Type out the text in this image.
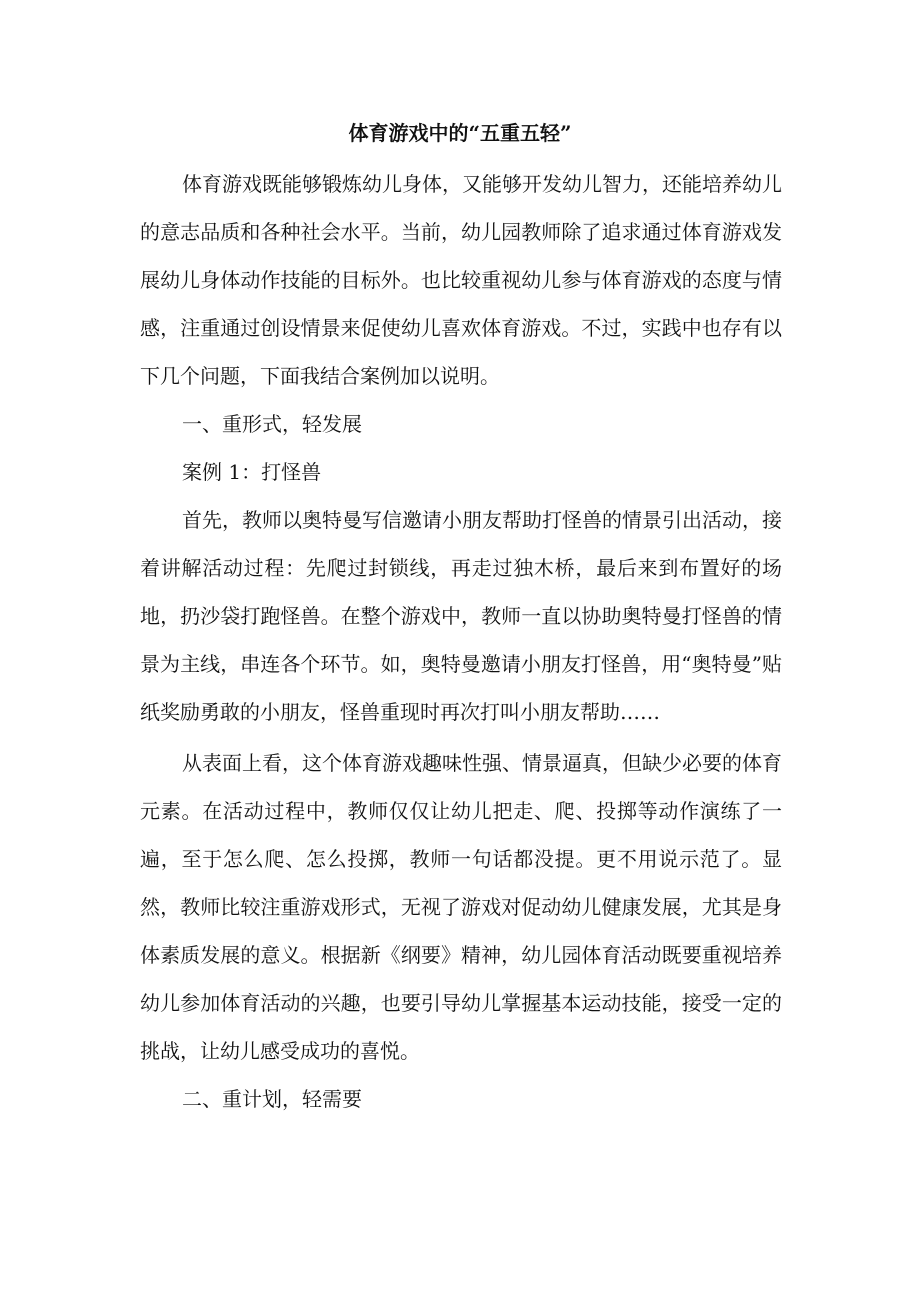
体育游戏中的“五重五轻”

体育游戏既能够锻炼幼儿身体，又能够开发幼儿智力，还能培养幼儿的意志品质和各种社会水平。当前，幼儿园教师除了追求通过体育游戏发展幼儿身体动作技能的目标外。也比较重视幼儿参与体育游戏的态度与情感，注重通过创设情景来促使幼儿喜欢体育游戏。不过，实践中也存有以下几个问题，下面我结合案例加以说明。

一、重形式，轻发展

案例 1：打怪兽

首先，教师以奥特曼写信邀请小朋友帮助打怪兽的情景引出活动，接着讲解活动过程：先爬过封锁线，再走过独木桥，最后来到布置好的场地，扔沙袋打跑怪兽。在整个游戏中，教师一直以协助奥特曼打怪兽的情景为主线，串连各个环节。如，奥特曼邀请小朋友打怪兽，用“奥特曼”贴纸奖励勇敢的小朋友，怪兽重现时再次打叫小朋友帮助……

从表面上看，这个体育游戏趣味性强、情景逼真，但缺少必要的体育元素。在活动过程中，教师仅仅让幼儿把走、爬、投掷等动作演练了一遍，至于怎么爬、怎么投掷，教师一句话都没提。更不用说示范了。显然，教师比较注重游戏形式，无视了游戏对促动幼儿健康发展，尤其是身体素质发展的意义。根据新《纲要》精神，幼儿园体育活动既要重视培养幼儿参加体育活动的兴趣，也要引导幼儿掌握基本运动技能，接受一定的挑战，让幼儿感受成功的喜悦。

二、重计划，轻需要
